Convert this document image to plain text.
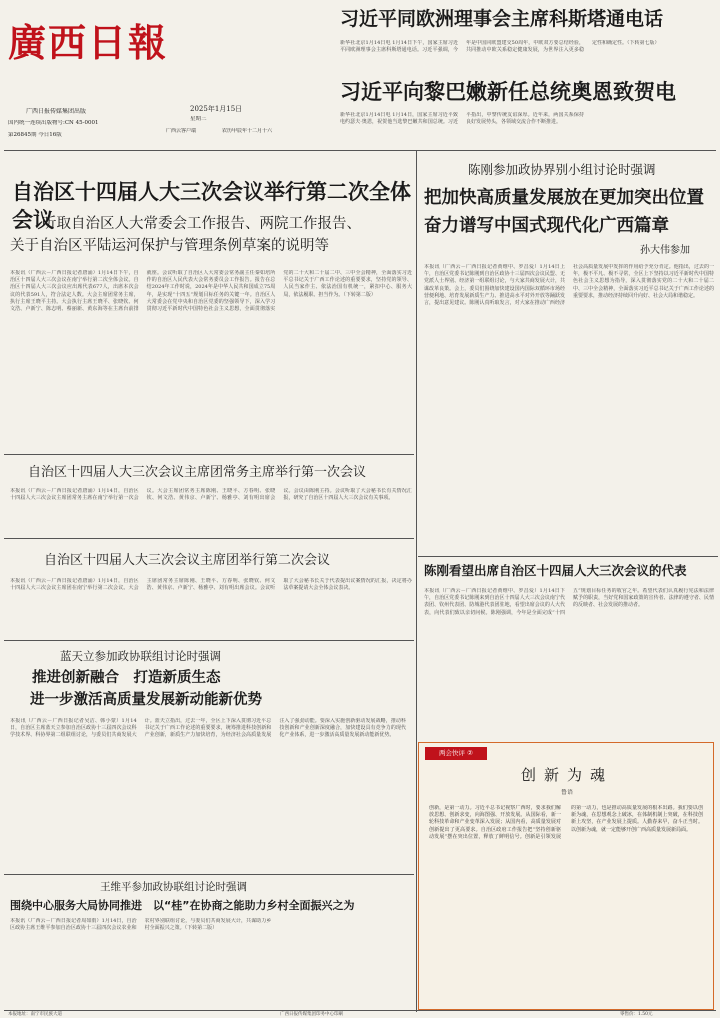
廣西日報
广西日报传媒集团出版
国内统一连续出版物号:CN 45-0001
第26845期 今日16版
2025年1月15日
星期三
广西云客户端	农历甲辰年十二月十六
习近平同欧洲理事会主席科斯塔通电话
新华社北京1月14日电 1月14日下午，国家主席习近平同欧洲理事会主席科斯塔通电话。习近平强调，今年是中国同欧盟建交50周年，中欧双方要总结经验，共同推动中欧关系稳定健康发展，为世界注入更多稳定性和确定性。（下转第七版）
习近平向黎巴嫩新任总统奥恩致贺电
新华社北京1月14日电 1月14日，国家主席习近平致电约瑟夫·奥恩，祝贺他当选黎巴嫩共和国总统。习近平指出，中黎传统友谊深厚。近年来，两国关系保持良好发展势头，各领域交流合作不断推进。
自治区十四届人大三次会议举行第二次全体会议
听取自治区人大常委会工作报告、两院工作报告、
关于自治区平陆运河保护与管理条例草案的说明等
本报讯（广西云－广西日报记者唐涌）1月14日下午，自治区十四届人大三次会议在南宁举行第二次全体会议。自治区十四届人大三次会议应出席代表677人，出席本次会议的代表591人，符合法定人数。大会主席团常务主席，执行主席王晓平主持。大会执行主席王晓平、张晓钦、何文浩、卢新宁、陈志明、蔡丽新、黄东海等在主席台前排就座。会议听取了自治区人大常委会常务副主任秦如培所作的自治区人民代表大会常务委员会工作报告。报告在总结2024年工作时说，2024年是中华人民共和国成立75周年，是实现“十四五”规划目标任务的关键一年。自治区人大常委会在党中央和自治区党委的坚强领导下，深入学习贯彻习近平新时代中国特色社会主义思想，全面贯彻落实党的二十大和二十届二中、三中全会精神，全面落实习近平总书记关于广西工作论述的重要要求，坚持党的领导、人民当家作主、依法治国有机统一，紧扣中心、服务大局，依法履职、担当作为。（下转第二版）
自治区十四届人大三次会议主席团常务主席举行第一次会议
本报讯（广西云－广西日报记者唐涌）1月14日，自治区十四届人大三次会议主席团常务主席在南宁举行第一次会议。大会主席团常务主席陈刚、王晓平、方春明、张晓钦、何文浩、黄伟京、卢新宁、杨雅亭、刘有明出席会议。会议由陈刚主持。会议听取了大会秘书长有关情况汇报，研究了自治区十四届人大三次会议有关事项。
自治区十四届人大三次会议主席团举行第二次会议
本报讯（广西云－广西日报记者唐涌）1月14日，自治区十四届人大三次会议主席团在南宁举行第二次会议。大会主席团常务主席陈刚、王晓平、方春明、张晓钦、何文浩、黄伟京、卢新宁、杨雅亭、刘有明出席会议。会议听取了大会秘书长关于代表提出议案情况的汇报，决定将办法草案提请大会全体会议表决。
陈刚参加政协界别小组讨论时强调
把加快高质量发展放在更加突出位置
奋力谱写中国式现代化广西篇章
孙大伟参加
本报讯（广西云－广西日报记者黄维中、罗昌爱）1月14日上午，自治区党委书记陈刚到自治区政协十三届四次会议民盟、无党派人士界别、经济第一组联组讨论，与大家共商发展大计，共谋改革良策。会上，委员们围绕加快建设国内国际双循环市场经营便利地、培育发展新质生产力、推进高水平对外开放等踊跃发言，提出意见建议。陈刚认真听取发言，对大家在推动广西经济社会高质量发展中发挥的作用给予充分肯定。他指出，过去的一年，极不平凡、极不寻常，全区上下坚持以习近平新时代中国特色社会主义思想为指导，深入贯彻落实党的二十大和二十届二中、三中全会精神，全面落实习近平总书记关于广西工作论述的重要要求，推动经济持续回升向好、社会大局和谐稳定。
陈刚看望出席自治区十四届人大三次会议的代表
本报讯（广西云－广西日报记者黄维中、罗昌爱）1月14日下午，自治区党委书记陈刚来到自治区十四届人大三次会议南宁代表团、钦州代表团、防城港代表团驻地，看望出席会议的人大代表，向代表们致以亲切问候。陈刚强调，今年是全面完成“十四五”规划目标任务的收官之年。希望代表们认真履行宪法和法律赋予的职责，当好党和国家政策的宣传者、法律的遵守者、民情的反映者、社会发展的推动者。
蓝天立参加政协联组讨论时强调
推进创新融合　打造新质生态
进一步激活高质量发展新动能新优势
本报讯（广西云－广西日报记者吴洁、韩小蒙）1月14日，自治区主席蓝天立参加自治区政协十三届四次会议科学技术界、科协界第二组联组讨论，与委员们共商发展大计。蓝天立指出，过去一年，全区上下深入贯彻习近平总书记关于广西工作论述的重要要求，统筹推进科技创新和产业创新，新质生产力加快培育，为经济社会高质量发展注入了强劲动能。要深入实施创新驱动发展战略，推动科技创新和产业创新深度融合，加快建设具有竞争力的现代化产业体系，进一步激活高质量发展新动能新优势。
王维平参加政协联组讨论时强调
围绕中心服务大局协同推进　以“桂”在协商之能助力乡村全面振兴之为
本报讯（广西云－广西日报记者周如雨）1月14日，自治区政协主席王维平参加自治区政协十三届四次会议农业和农村界别联组讨论，与委员们共商发展大计，共谋助力乡村全面振兴之策。（下转第二版）
两会快评 ②
创新为魂
鲁语
创新，是第一动力。习近平总书记视察广西时，要求我们解放思想、创新求变，向海图强、开放发展。从国际看，新一轮科技革命和产业变革深入发展；从国内看，高质量发展对创新提出了更高要求。自治区政府工作报告把“坚持创新驱动发展”摆在突出位置，释放了鲜明信号。创新是引领发展的第一动力，也是推动高质量发展的根本出路。我们要以创新为魂，在思想观念上破冰，在体制机制上突破，在科技创新上攻坚，在产业发展上提质。人勤春来早，奋斗正当时。以创新为魂，就一定能够开创广西高质量发展新局面。
本报地址：南宁市民族大道	广西日报传媒集团印务中心印刷	零售价：1.50元
